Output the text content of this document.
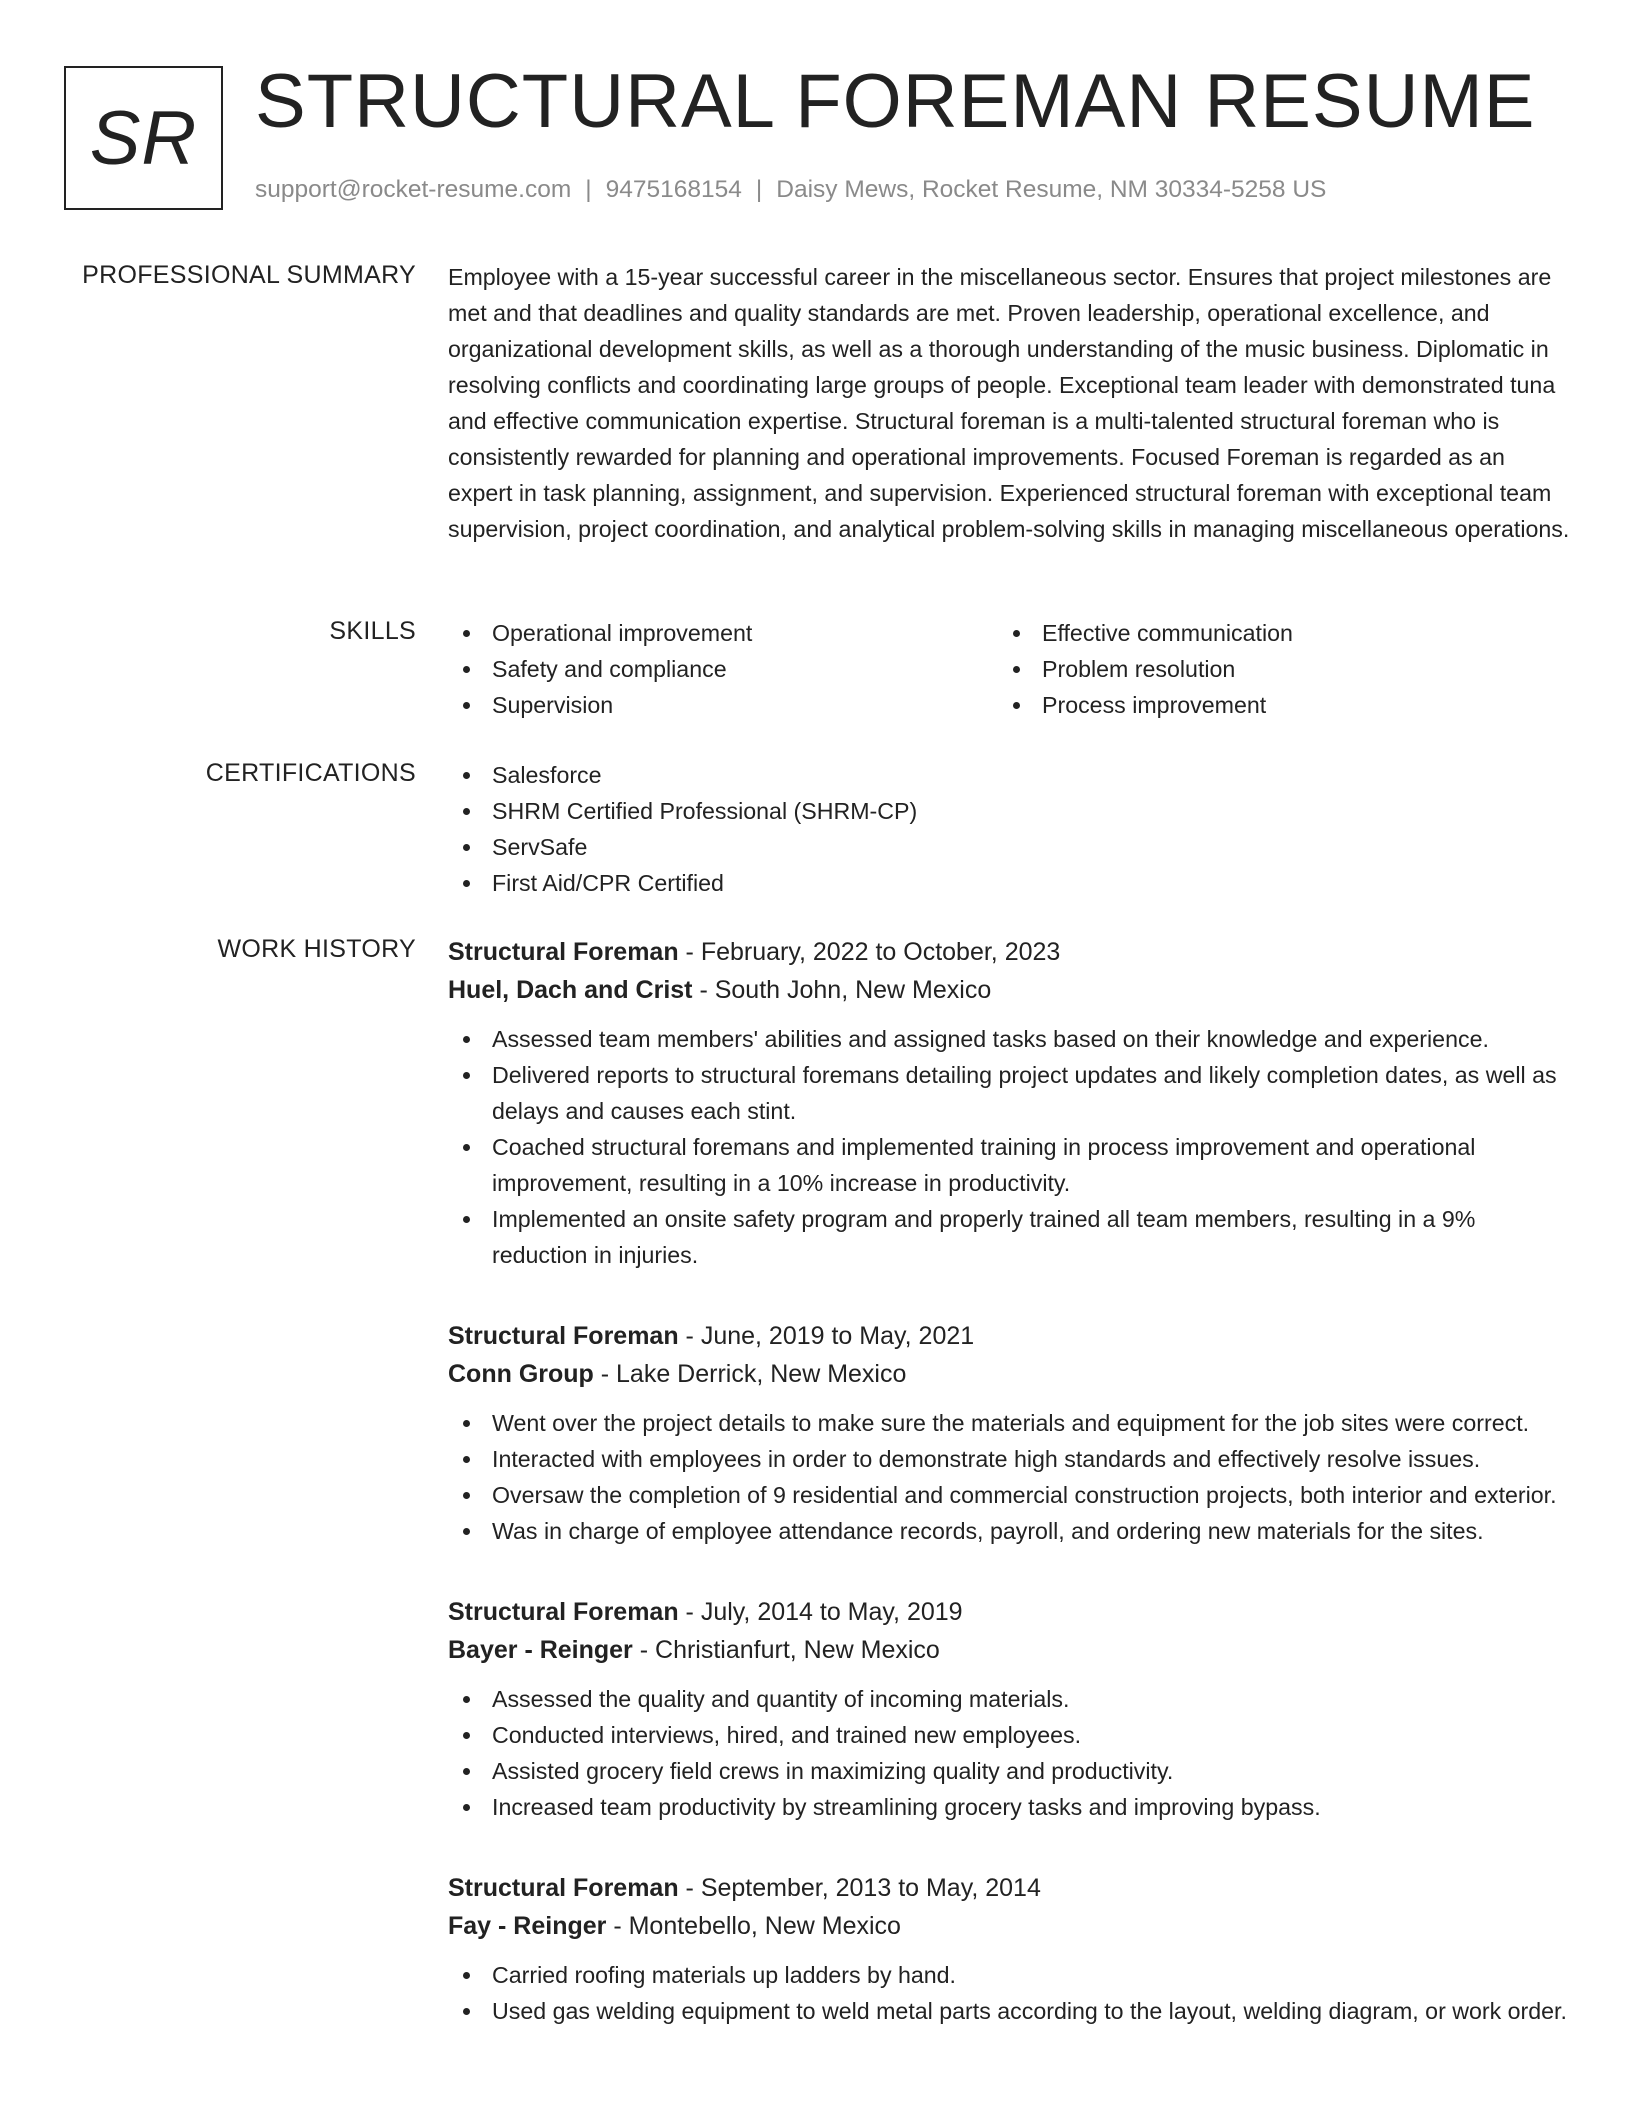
SR STRUCTURAL FOREMAN RESUME
support@rocket-resume.com | 9475168154 | Daisy Mews, Rocket Resume, NM 30334-5258 US
PROFESSIONAL SUMMARY Employee with a 15-year successful career in the miscellaneous sector. Ensures that project milestones are met and that deadlines and quality standards are met. Proven leadership, operational excellence, and organizational development skills, as well as a thorough understanding of the music business. Diplomatic in resolving conflicts and coordinating large groups of people. Exceptional team leader with demonstrated tuna and effective communication expertise. Structural foreman is a multi-talented structural foreman who is consistently rewarded for planning and operational improvements. Focused Foreman is regarded as an expert in task planning, assignment, and supervision. Experienced structural foreman with exceptional team supervision, project coordination, and analytical problem-solving skills in managing miscellaneous operations.

SKILLS	Operational improvement
Safety and compliance
Supervision
Effective communication
Problem resolution
Process improvement
CERTIFICATIONS	Salesforce
SHRM Certified Professional (SHRM-CP)
ServSafe
First Aid/CPR Certified
WORK HISTORY Structural Foreman - February, 2022 to October, 2023
Huel, Dach and Crist - South John, New Mexico
Assessed team members' abilities and assigned tasks based on their knowledge and experience.
Delivered reports to structural foremans detailing project updates and likely completion dates, as well as delays and causes each stint.
Coached structural foremans and implemented training in process improvement and operational improvement, resulting in a 10% increase in productivity.
Implemented an onsite safety program and properly trained all team members, resulting in a 9% reduction in injuries.
Structural Foreman - June, 2019 to May, 2021
Conn Group - Lake Derrick, New Mexico
Went over the project details to make sure the materials and equipment for the job sites were correct.
Interacted with employees in order to demonstrate high standards and effectively resolve issues.
Oversaw the completion of 9 residential and commercial construction projects, both interior and exterior.
Was in charge of employee attendance records, payroll, and ordering new materials for the sites.
Structural Foreman - July, 2014 to May, 2019
Bayer - Reinger - Christianfurt, New Mexico
Assessed the quality and quantity of incoming materials.
Conducted interviews, hired, and trained new employees.
Assisted grocery field crews in maximizing quality and productivity.
Increased team productivity by streamlining grocery tasks and improving bypass.
Structural Foreman - September, 2013 to May, 2014
Fay - Reinger - Montebello, New Mexico
Carried roofing materials up ladders by hand.
Used gas welding equipment to weld metal parts according to the layout, welding diagram, or work order.
